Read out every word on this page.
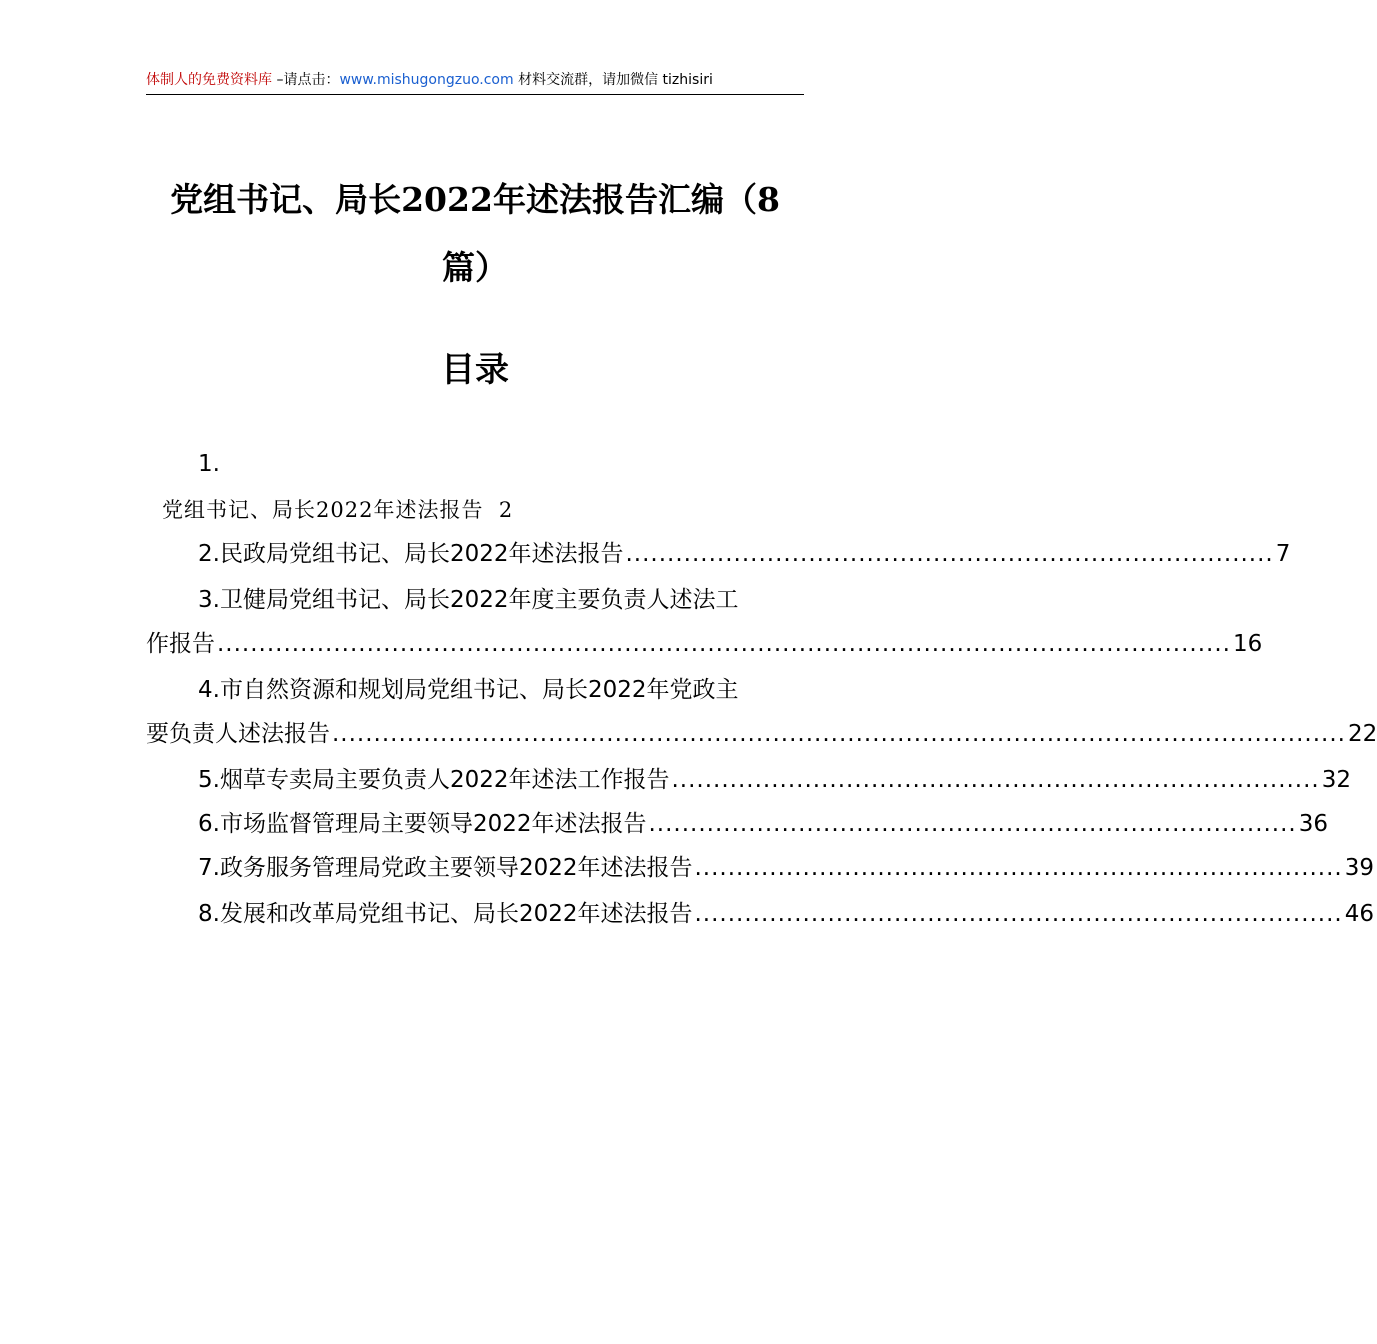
体制人的免费资料库 –请点击：www.mishugongzuo.com 材料交流群，请加微信 tizhisiri
党组书记、局长2022年述法报告汇编（8
篇）
目录
1.
党组书记、局长2022年述法报告 2
2.民政局党组书记、局长2022年述法报告 .............................................................................. 7
3.卫健局党组书记、局长2022年度主要负责人述法工
作报告 .......................................................................................................................... 16
4.市自然资源和规划局党组书记、局长2022年党政主
要负责人述法报告 .......................................................................................................................... 22
5.烟草专卖局主要负责人2022年述法工作报告 .............................................................................. 32
6.市场监督管理局主要领导2022年述法报告 .............................................................................. 36
7.政务服务管理局党政主要领导2022年述法报告 .............................................................................. 39
8.发展和改革局党组书记、局长2022年述法报告 .............................................................................. 46
